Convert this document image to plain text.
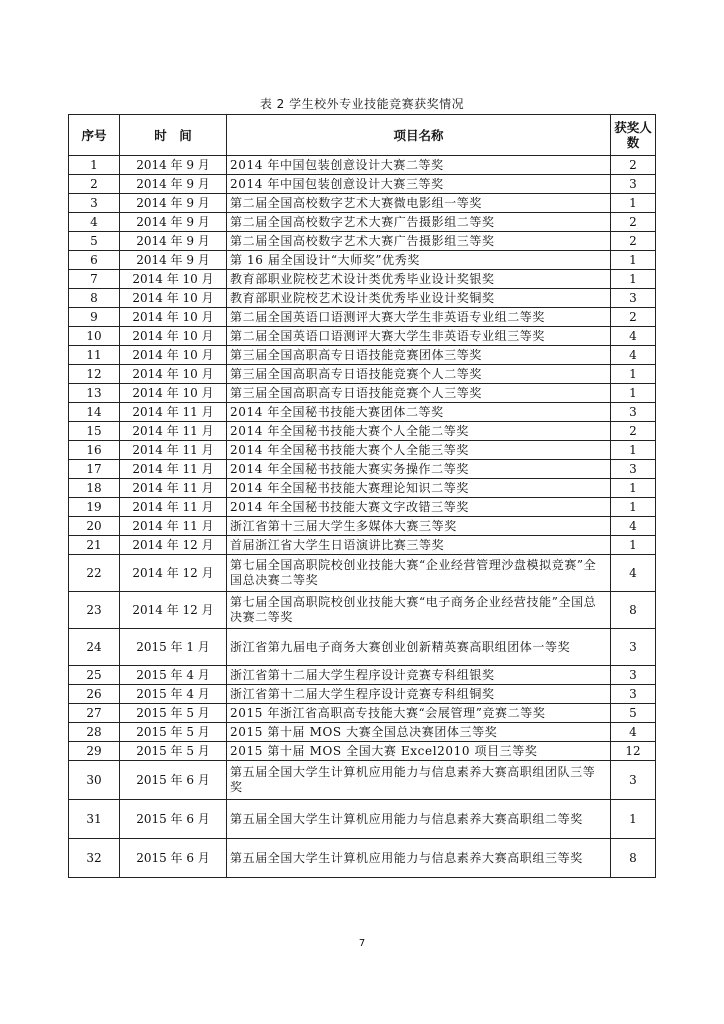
表 2 学生校外专业技能竞赛获奖情况
序号	时　间	项目名称	获奖人数
1	2014 年 9 月	2014 年中国包装创意设计大赛二等奖	2
2	2014 年 9 月	2014 年中国包装创意设计大赛三等奖	3
3	2014 年 9 月	第二届全国高校数字艺术大赛微电影组一等奖	1
4	2014 年 9 月	第二届全国高校数字艺术大赛广告摄影组二等奖	2
5	2014 年 9 月	第二届全国高校数字艺术大赛广告摄影组三等奖	2
6	2014 年 9 月	第 16 届全国设计“大师奖”优秀奖	1
7	2014 年 10 月	教育部职业院校艺术设计类优秀毕业设计奖银奖	1
8	2014 年 10 月	教育部职业院校艺术设计类优秀毕业设计奖铜奖	3
9	2014 年 10 月	第二届全国英语口语测评大赛大学生非英语专业组二等奖	2
10	2014 年 10 月	第二届全国英语口语测评大赛大学生非英语专业组三等奖	4
11	2014 年 10 月	第三届全国高职高专日语技能竞赛团体三等奖	4
12	2014 年 10 月	第三届全国高职高专日语技能竞赛个人二等奖	1
13	2014 年 10 月	第三届全国高职高专日语技能竞赛个人三等奖	1
14	2014 年 11 月	2014 年全国秘书技能大赛团体二等奖	3
15	2014 年 11 月	2014 年全国秘书技能大赛个人全能二等奖	2
16	2014 年 11 月	2014 年全国秘书技能大赛个人全能三等奖	1
17	2014 年 11 月	2014 年全国秘书技能大赛实务操作二等奖	3
18	2014 年 11 月	2014 年全国秘书技能大赛理论知识二等奖	1
19	2014 年 11 月	2014 年全国秘书技能大赛文字改错三等奖	1
20	2014 年 11 月	浙江省第十三届大学生多媒体大赛三等奖	4
21	2014 年 12 月	首届浙江省大学生日语演讲比赛三等奖	1
22	2014 年 12 月	第七届全国高职院校创业技能大赛“企业经营管理沙盘模拟竞赛”全国总决赛二等奖	4
23	2014 年 12 月	第七届全国高职院校创业技能大赛“电子商务企业经营技能”全国总决赛二等奖	8
24	2015 年 1 月	浙江省第九届电子商务大赛创业创新精英赛高职组团体一等奖	3
25	2015 年 4 月	浙江省第十二届大学生程序设计竞赛专科组银奖	3
26	2015 年 4 月	浙江省第十二届大学生程序设计竞赛专科组铜奖	3
27	2015 年 5 月	2015 年浙江省高职高专技能大赛“会展管理”竞赛二等奖	5
28	2015 年 5 月	2015 第十届 MOS 大赛全国总决赛团体三等奖	4
29	2015 年 5 月	2015 第十届 MOS 全国大赛 Excel2010 项目三等奖	12
30	2015 年 6 月	第五届全国大学生计算机应用能力与信息素养大赛高职组团队三等奖	3
31	2015 年 6 月	第五届全国大学生计算机应用能力与信息素养大赛高职组二等奖	1
32	2015 年 6 月	第五届全国大学生计算机应用能力与信息素养大赛高职组三等奖	8
7
